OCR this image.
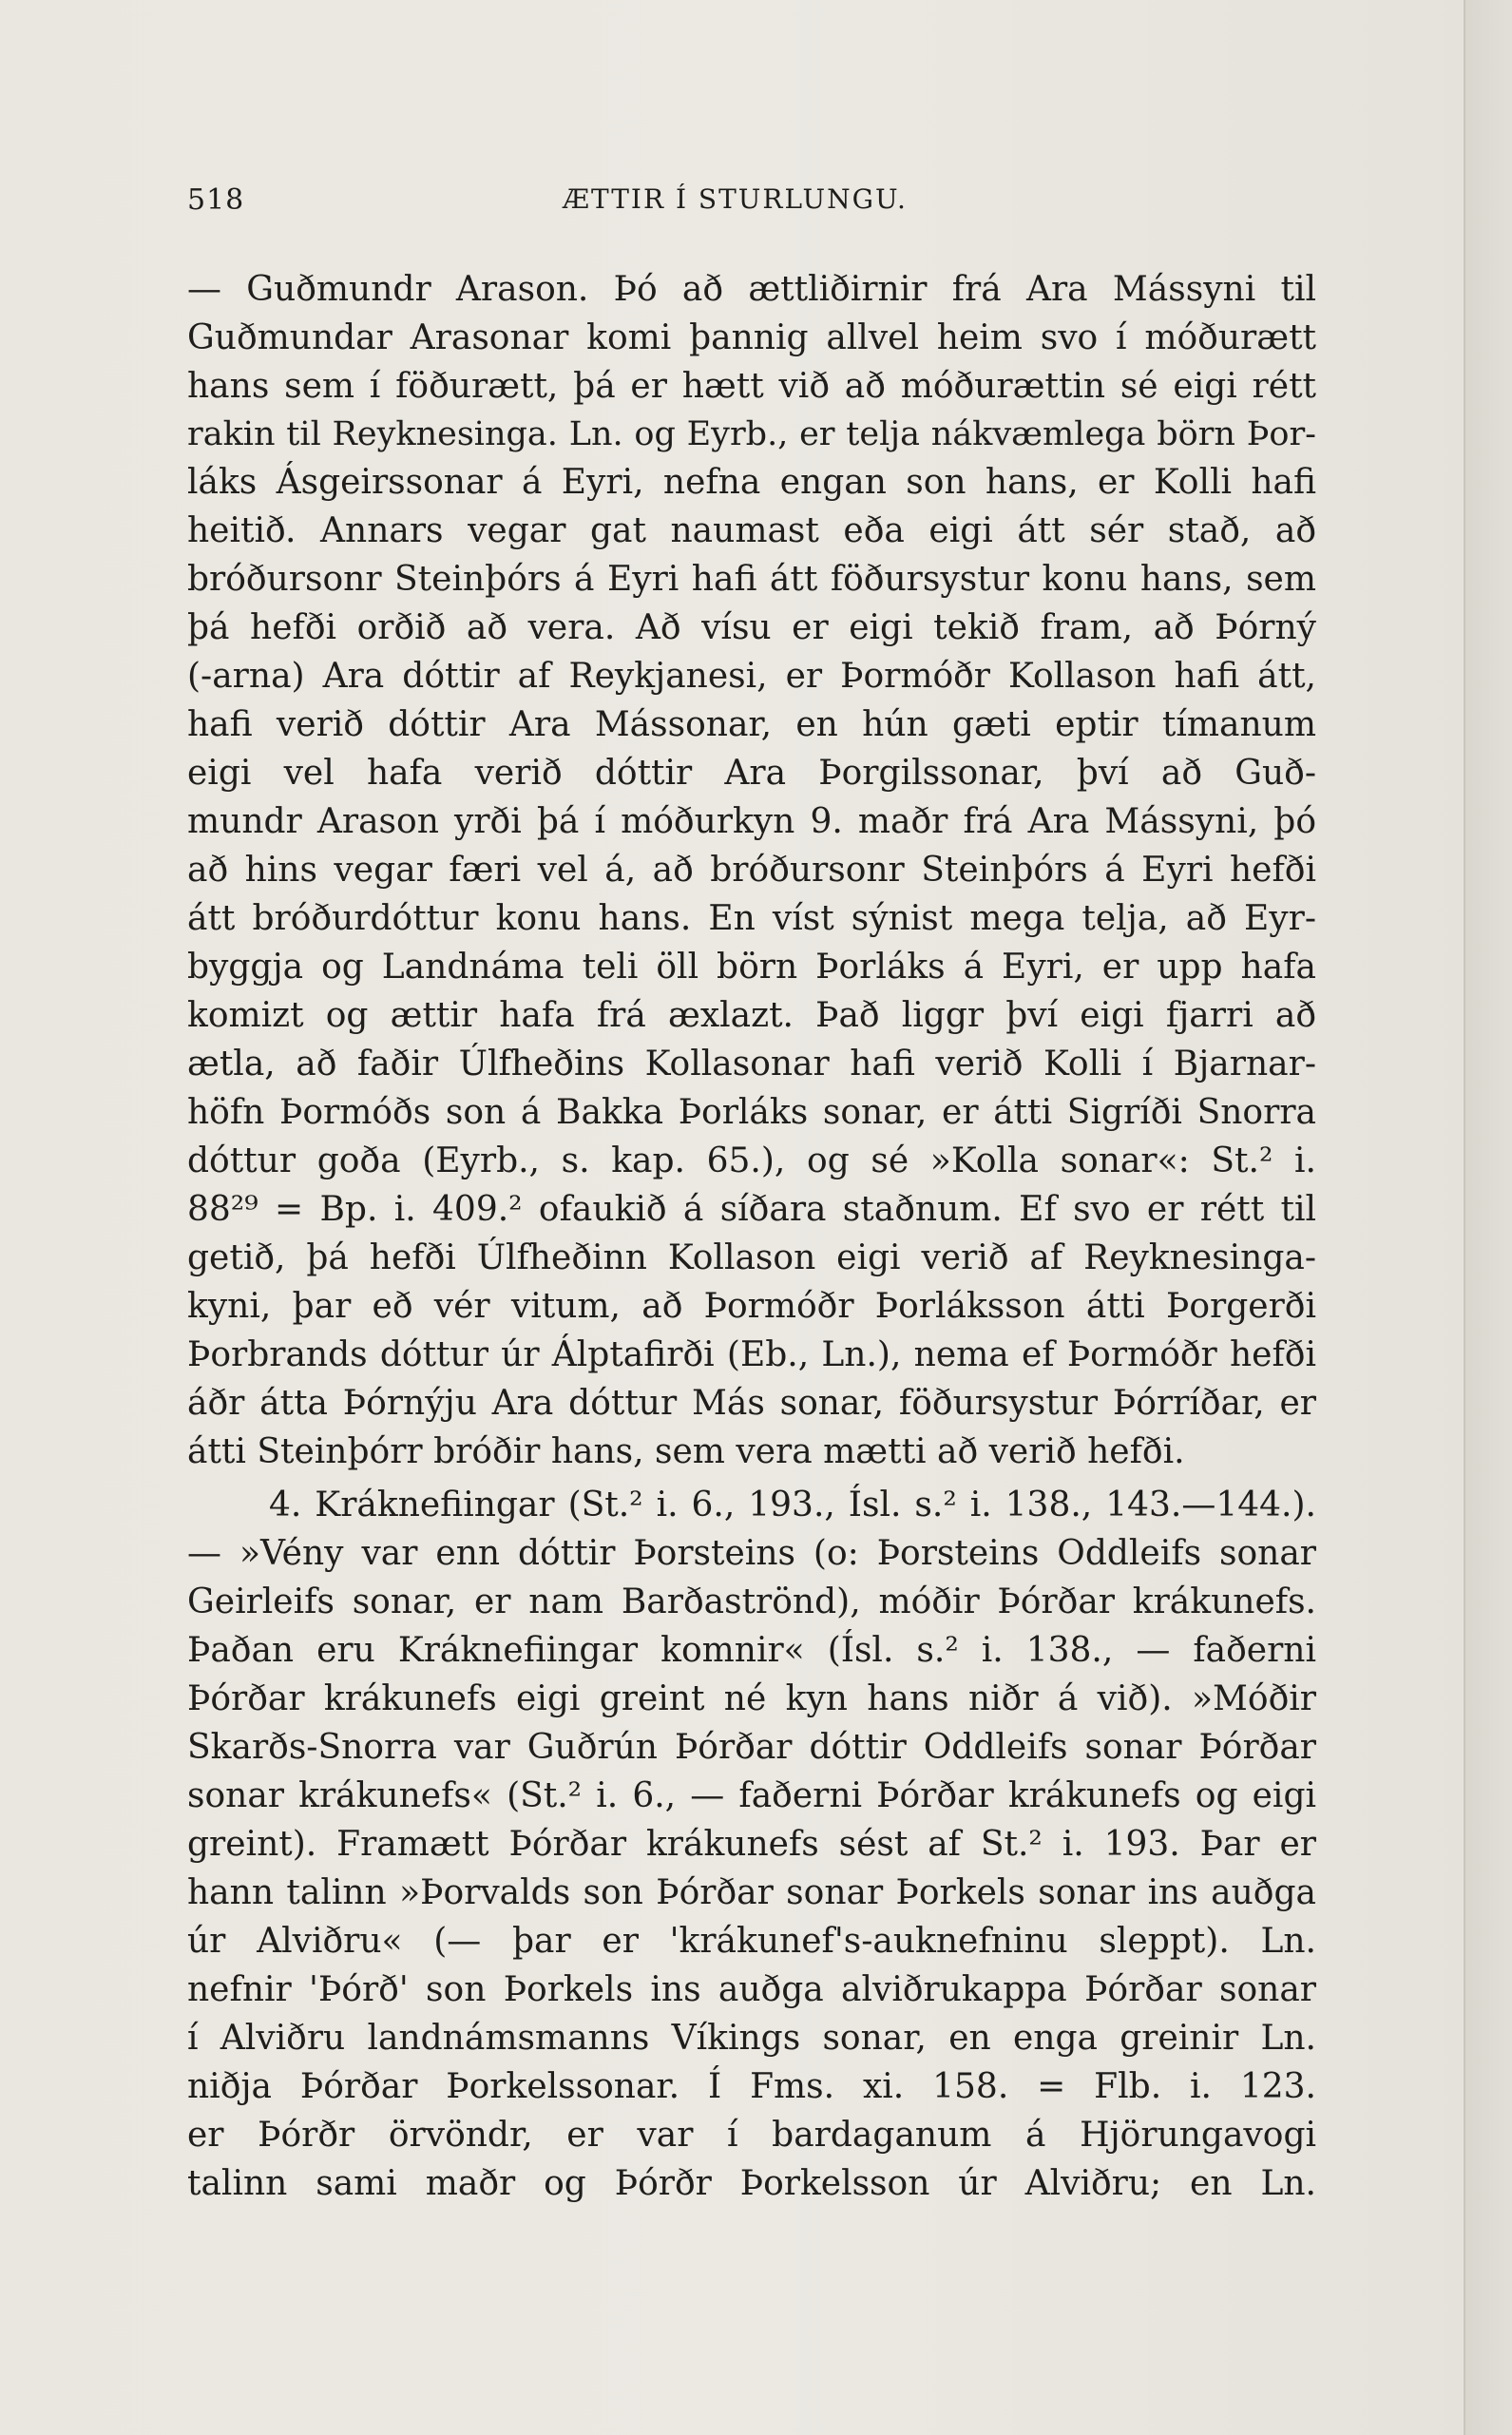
518	ÆTTIR Í STURLUNGU.
— Guðmundr Arason. Þó að ættliðirnir frá Ara Mássyni til
Guðmundar Arasonar komi þannig allvel heim svo í móðurætt
hans sem í föðurætt, þá er hætt við að móðurættin sé eigi rétt
rakin til Reyknesinga. Ln. og Eyrb., er telja nákvæmlega börn Þor-
láks Ásgeirssonar á Eyri, nefna engan son hans, er Kolli hafi
heitið. Annars vegar gat naumast eða eigi átt sér stað, að
bróðursonr Steinþórs á Eyri hafi átt föðursystur konu hans, sem
þá hefði orðið að vera. Að vísu er eigi tekið fram, að Þórný
(-arna) Ara dóttir af Reykjanesi, er Þormóðr Kollason hafi átt,
hafi verið dóttir Ara Mássonar, en hún gæti eptir tímanum
eigi vel hafa verið dóttir Ara Þorgilssonar, því að Guð-
mundr Arason yrði þá í móðurkyn 9. maðr frá Ara Mássyni, þó
að hins vegar færi vel á, að bróðursonr Steinþórs á Eyri hefði
átt bróðurdóttur konu hans. En víst sýnist mega telja, að Eyr-
byggja og Landnáma teli öll börn Þorláks á Eyri, er upp hafa
komizt og ættir hafa frá æxlazt. Það liggr því eigi fjarri að
ætla, að faðir Úlfheðins Kollasonar hafi verið Kolli í Bjarnar-
höfn Þormóðs son á Bakka Þorláks sonar, er átti Sigríði Snorra
dóttur goða (Eyrb., s. kap. 65.), og sé »Kolla sonar«: St.² i.
88²⁹ = Bp. i. 409.² ofaukið á síðara staðnum. Ef svo er rétt til
getið, þá hefði Úlfheðinn Kollason eigi verið af Reyknesinga-
kyni, þar eð vér vitum, að Þormóðr Þorláksson átti Þorgerði
Þorbrands dóttur úr Álptafirði (Eb., Ln.), nema ef Þormóðr hefði
áðr átta Þórnýju Ara dóttur Más sonar, föðursystur Þórríðar, er
átti Steinþórr bróðir hans, sem vera mætti að verið hefði.
4. Kráknefiingar (St.² i. 6., 193., Ísl. s.² i. 138., 143.—144.).
— »Vény var enn dóttir Þorsteins (o: Þorsteins Oddleifs sonar
Geirleifs sonar, er nam Barðaströnd), móðir Þórðar krákunefs.
Þaðan eru Kráknefiingar komnir« (Ísl. s.² i. 138., — faðerni
Þórðar krákunefs eigi greint né kyn hans niðr á við). »Móðir
Skarðs-Snorra var Guðrún Þórðar dóttir Oddleifs sonar Þórðar
sonar krákunefs« (St.² i. 6., — faðerni Þórðar krákunefs og eigi
greint). Framætt Þórðar krákunefs sést af St.² i. 193. Þar er
hann talinn »Þorvalds son Þórðar sonar Þorkels sonar ins auðga
úr Alviðru« (— þar er 'krákunef's-auknefninu sleppt). Ln.
nefnir 'Þórð' son Þorkels ins auðga alviðrukappa Þórðar sonar
í Alviðru landnámsmanns Víkings sonar, en enga greinir Ln.
niðja Þórðar Þorkelssonar. Í Fms. xi. 158. = Flb. i. 123.
er Þórðr örvöndr, er var í bardaganum á Hjörungavogi
talinn sami maðr og Þórðr Þorkelsson úr Alviðru; en Ln.
